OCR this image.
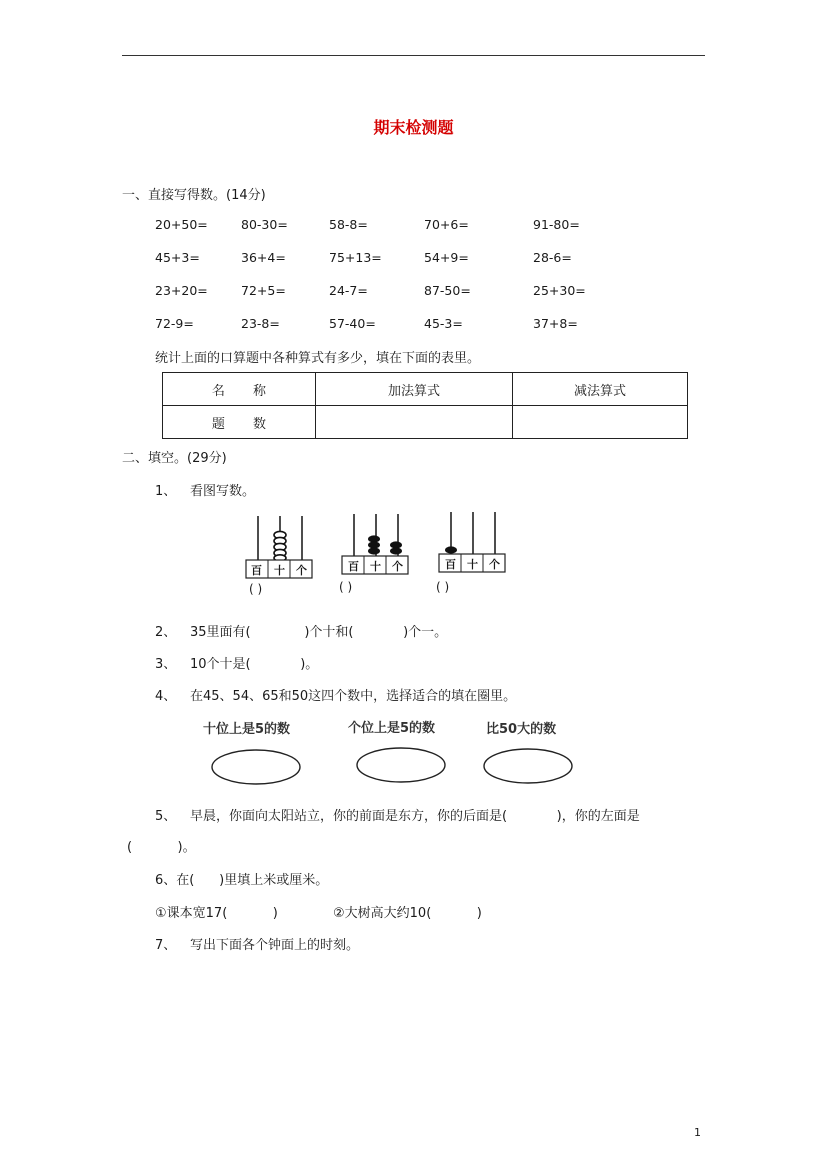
期末检测题
一、直接写得数。(14分)
20+50=	80-30=	58-8=	70+6=	91-80=
45+3=	36+4=	75+13=	54+9=	28-6=
23+20=	72+5=	24-7=	87-50=	25+30=
72-9=	23-8=	57-40=	45-3=	37+8=
统计上面的口算题中各种算式有多少，填在下面的表里。
名 称	加法算式	减法算式
题 数		
二、填空。(29分)
1、 看图写数。
百 十 个
( )
百 十 个
( )
百 十 个
( )
2、 35里面有(             )个十和(            )个一。
3、 10个十是(            )。
4、 在45、54、65和50这四个数中，选择适合的填在圈里。
十位上是5的数	个位上是5的数	比50大的数
5、 早晨，你面向太阳站立，你的前面是东方，你的后面是(            )，你的左面是
(           )。
6、在(      )里填上米或厘米。
①课本宽17(           )	②大树高大约10(           )
7、 写出下面各个钟面上的时刻。
1
